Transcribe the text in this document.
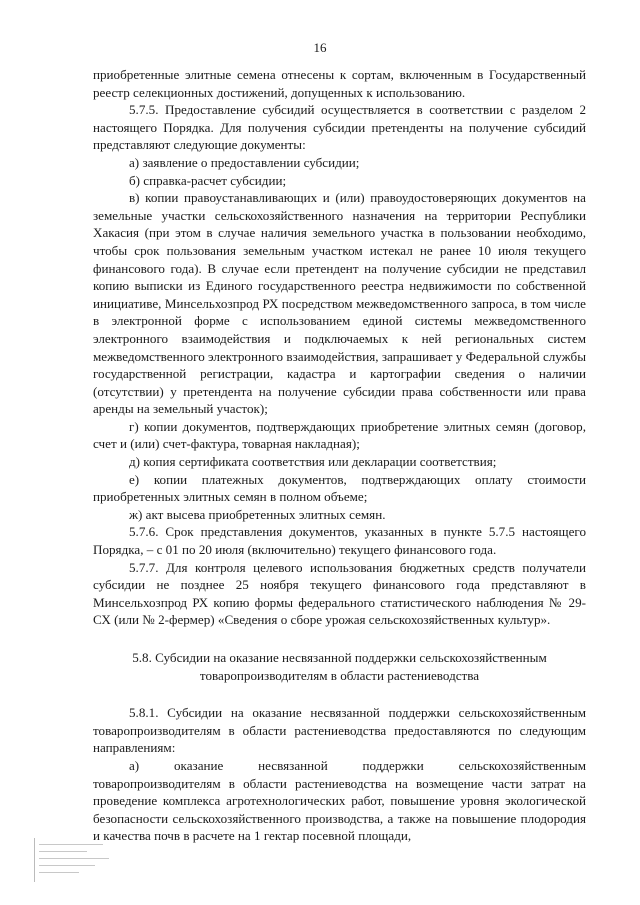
16

приобретенные элитные семена отнесены к сортам, включенным в Государственный реестр селекционных достижений, допущенных к использованию.

5.7.5. Предоставление субсидий осуществляется в соответствии с разделом 2 настоящего Порядка. Для получения субсидии претенденты на получение субсидий представляют следующие документы:

а) заявление о предоставлении субсидии;

б) справка-расчет субсидии;

в) копии правоустанавливающих и (или) правоудостоверяющих документов на земельные участки сельскохозяйственного назначения на территории Республики Хакасия (при этом в случае наличия земельного участка в пользовании необходимо, чтобы срок пользования земельным участком истекал не ранее 10 июля текущего финансового года). В случае если претендент на получение субсидии не представил копию выписки из Единого государственного реестра недвижимости по собственной инициативе, Минсельхозпрод РХ посредством межведомственного запроса, в том числе в электронной форме с использованием единой системы межведомственного электронного взаимодействия и подключаемых к ней региональных систем межведомственного электронного взаимодействия, запрашивает у Федеральной службы государственной регистрации, кадастра и картографии сведения о наличии (отсутствии) у претендента на получение субсидии права собственности или права аренды на земельный участок);

г) копии документов, подтверждающих приобретение элитных семян (договор, счет и (или) счет-фактура, товарная накладная);

д) копия сертификата соответствия или декларации соответствия;

е) копии платежных документов, подтверждающих оплату стоимости приобретенных элитных семян в полном объеме;

ж) акт высева приобретенных элитных семян.

5.7.6. Срок представления документов, указанных в пункте 5.7.5 настоящего Порядка, – с 01 по 20 июля (включительно) текущего финансового года.

5.7.7. Для контроля целевого использования бюджетных средств получатели субсидии не позднее 25 ноября текущего финансового года представляют в Минсельхозпрод РХ копию формы федерального статистического наблюдения № 29-СХ (или № 2-фермер) «Сведения о сборе урожая сельскохозяйственных культур».

5.8. Субсидии на оказание несвязанной поддержки сельскохозяйственным товаропроизводителям в области растениеводства

5.8.1. Субсидии на оказание несвязанной поддержки сельскохозяйственным товаропроизводителям в области растениеводства предоставляются по следующим направлениям:

а) оказание несвязанной поддержки сельскохозяйственным товаропроизводителям в области растениеводства на возмещение части затрат на проведение комплекса агротехнологических работ, повышение уровня экологической безопасности сельскохозяйственного производства, а также на повышение плодородия и качества почв в расчете на 1 гектар посевной площади,
